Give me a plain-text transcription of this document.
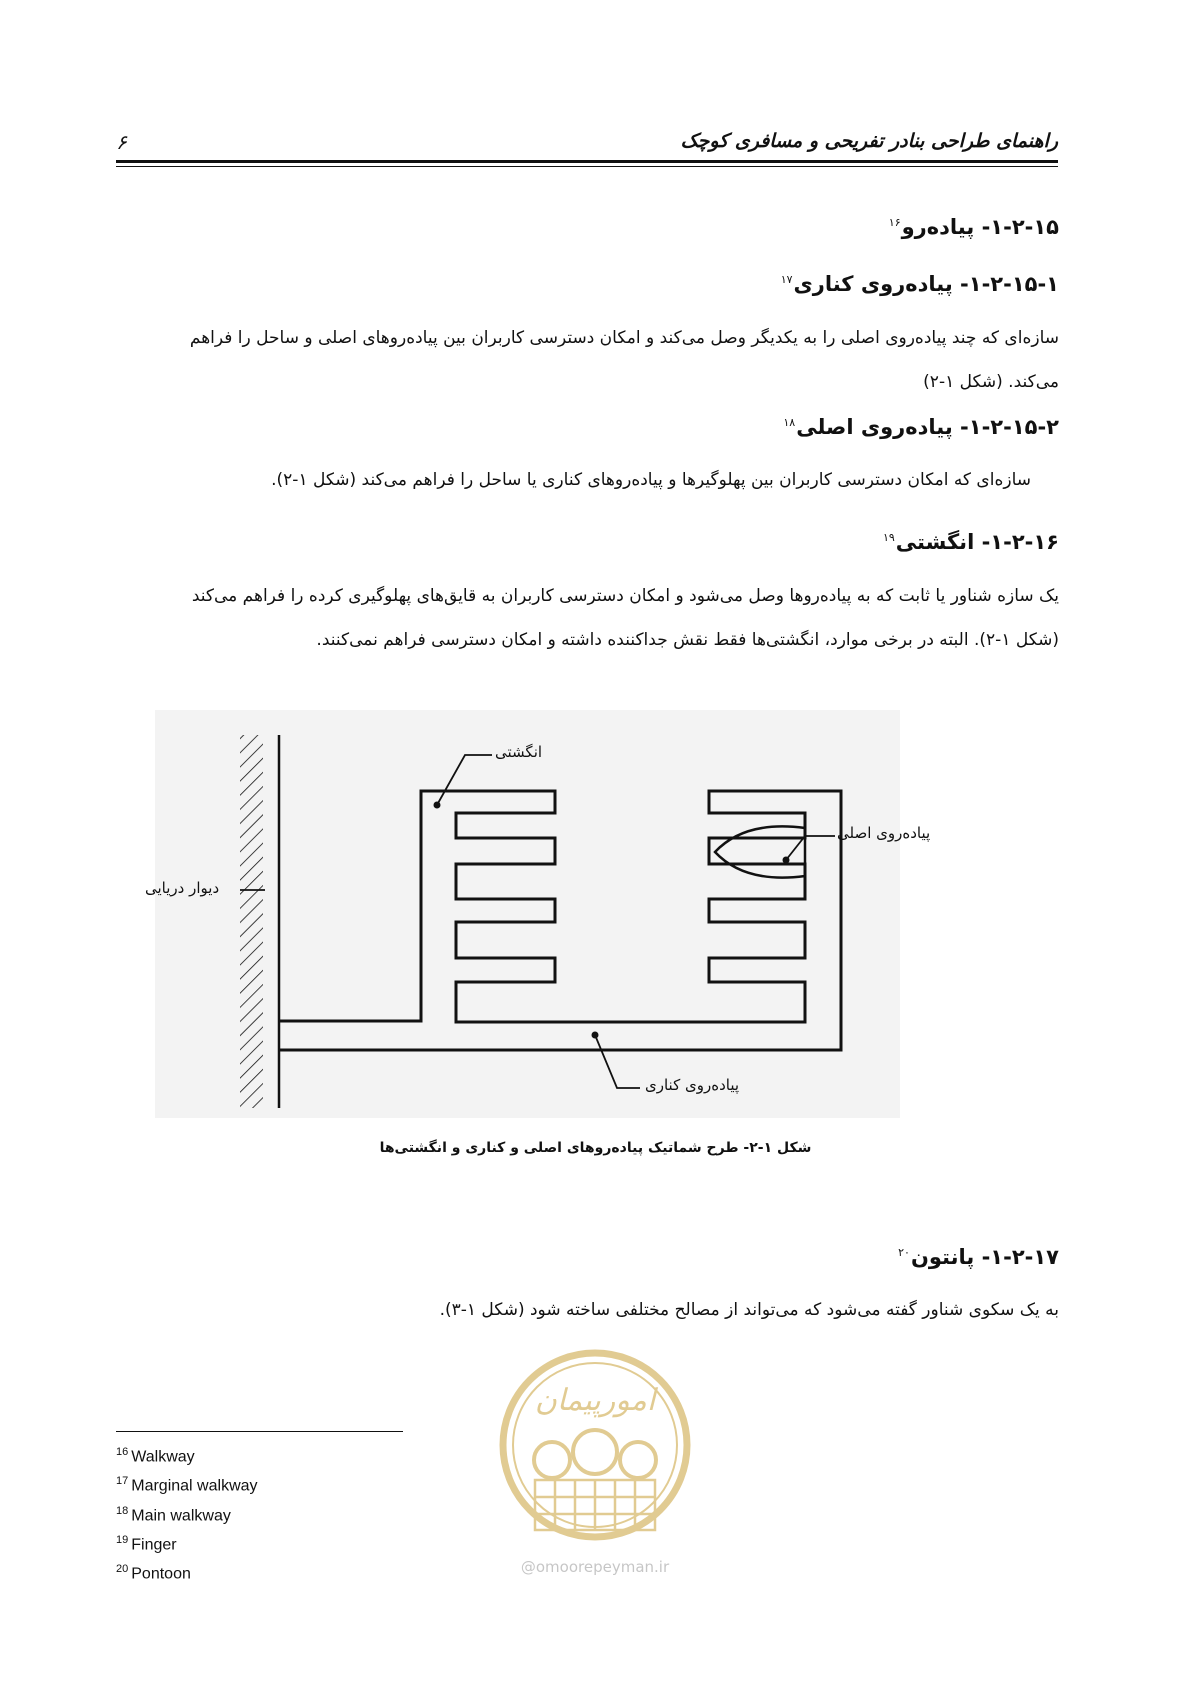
راهنمای طراحی بنادر تفریحی و مسافری کوچک
۶
۱-۲-۱۵- پیاده‌رو$^{۱۶}$
۱-۲-۱۵-۱- پیاده‌روی کناری$^{۱۷}$
سازه‌ای که چند پیاده‌روی اصلی را به یکدیگر وصل می‌کند و امکان دسترسی کاربران بین پیاده‌روهای اصلی و ساحل را فراهم
می‌کند. (شکل ۱-۲)
۱-۲-۱۵-۲- پیاده‌روی اصلی$^{۱۸}$
سازه‌ای که امکان دسترسی کاربران بین پهلوگیرها و پیاده‌روهای کناری یا ساحل را فراهم می‌کند (شکل ۱-۲).
۱-۲-۱۶- انگشتی$^{۱۹}$
یک سازه شناور یا ثابت که به پیاده‌روها وصل می‌شود و امکان دسترسی کاربران به قایق‌های پهلوگیری کرده را فراهم می‌کند
(شکل ۱-۲). البته در برخی موارد، انگشتی‌ها فقط نقش جداکننده داشته و امکان دسترسی فراهم نمی‌کنند.
انگشتی
پیاده‌روی اصلی
دیوار دریایی
پیاده‌روی کناری
شکل ۱-۲- طرح شماتیک پیاده‌روهای اصلی و کناری و انگشتی‌ها
۱-۲-۱۷- پانتون$^{۲۰}$
به یک سکوی شناور گفته می‌شود که می‌تواند از مصالح مختلفی ساخته شود (شکل ۱-۳).
امورپیمان
@omoorepeyman.ir
$^{16}$ Walkway
$^{17}$ Marginal walkway
$^{18}$ Main walkway
$^{19}$ Finger
$^{20}$ Pontoon
